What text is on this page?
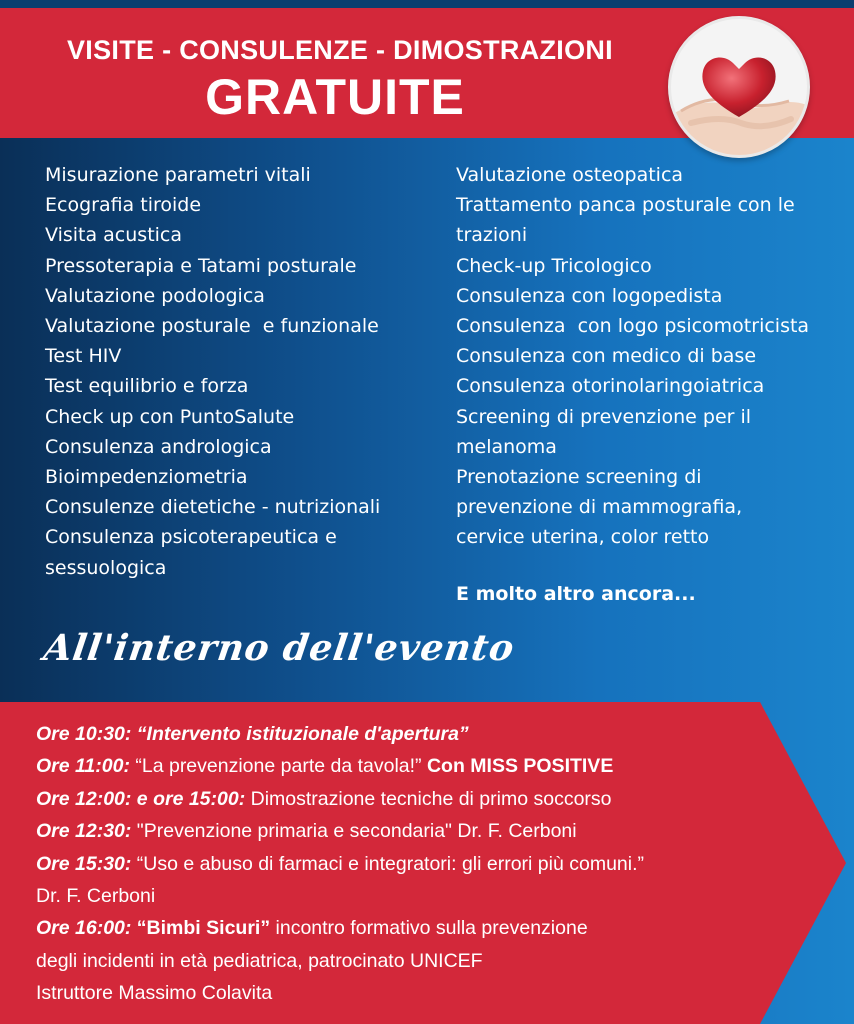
VISITE - CONSULENZE - DIMOSTRAZIONI
GRATUITE
Misurazione parametri vitali
Ecografia tiroide
Visita acustica
Pressoterapia e Tatami posturale
Valutazione podologica
Valutazione posturale  e funzionale
Test HIV
Test equilibrio e forza
Check up con PuntoSalute
Consulenza andrologica
Bioimpedenziometria
Consulenze dietetiche - nutrizionali
Consulenza psicoterapeutica e
sessuologica
Valutazione osteopatica
Trattamento panca posturale con le
trazioni
Check-up Tricologico
Consulenza con logopedista
Consulenza  con logo psicomotricista
Consulenza con medico di base
Consulenza otorinolaringoiatrica
Screening di prevenzione per il
melanoma
Prenotazione screening di
prevenzione di mammografia,
cervice uterina, color retto
E molto altro ancora...
All'interno dell'evento
Ore 10:30: “Intervento istituzionale d'apertura”
Ore 11:00: “La prevenzione parte da tavola!” Con MISS POSITIVE
Ore 12:00: e ore 15:00: Dimostrazione tecniche di primo soccorso
Ore 12:30: "Prevenzione primaria e secondaria" Dr. F. Cerboni
Ore 15:30: “Uso e abuso di farmaci e integratori: gli errori più comuni.”
Dr. F. Cerboni
Ore 16:00: “Bimbi Sicuri” incontro formativo sulla prevenzione
degli incidenti in età pediatrica, patrocinato UNICEF
Istruttore Massimo Colavita
